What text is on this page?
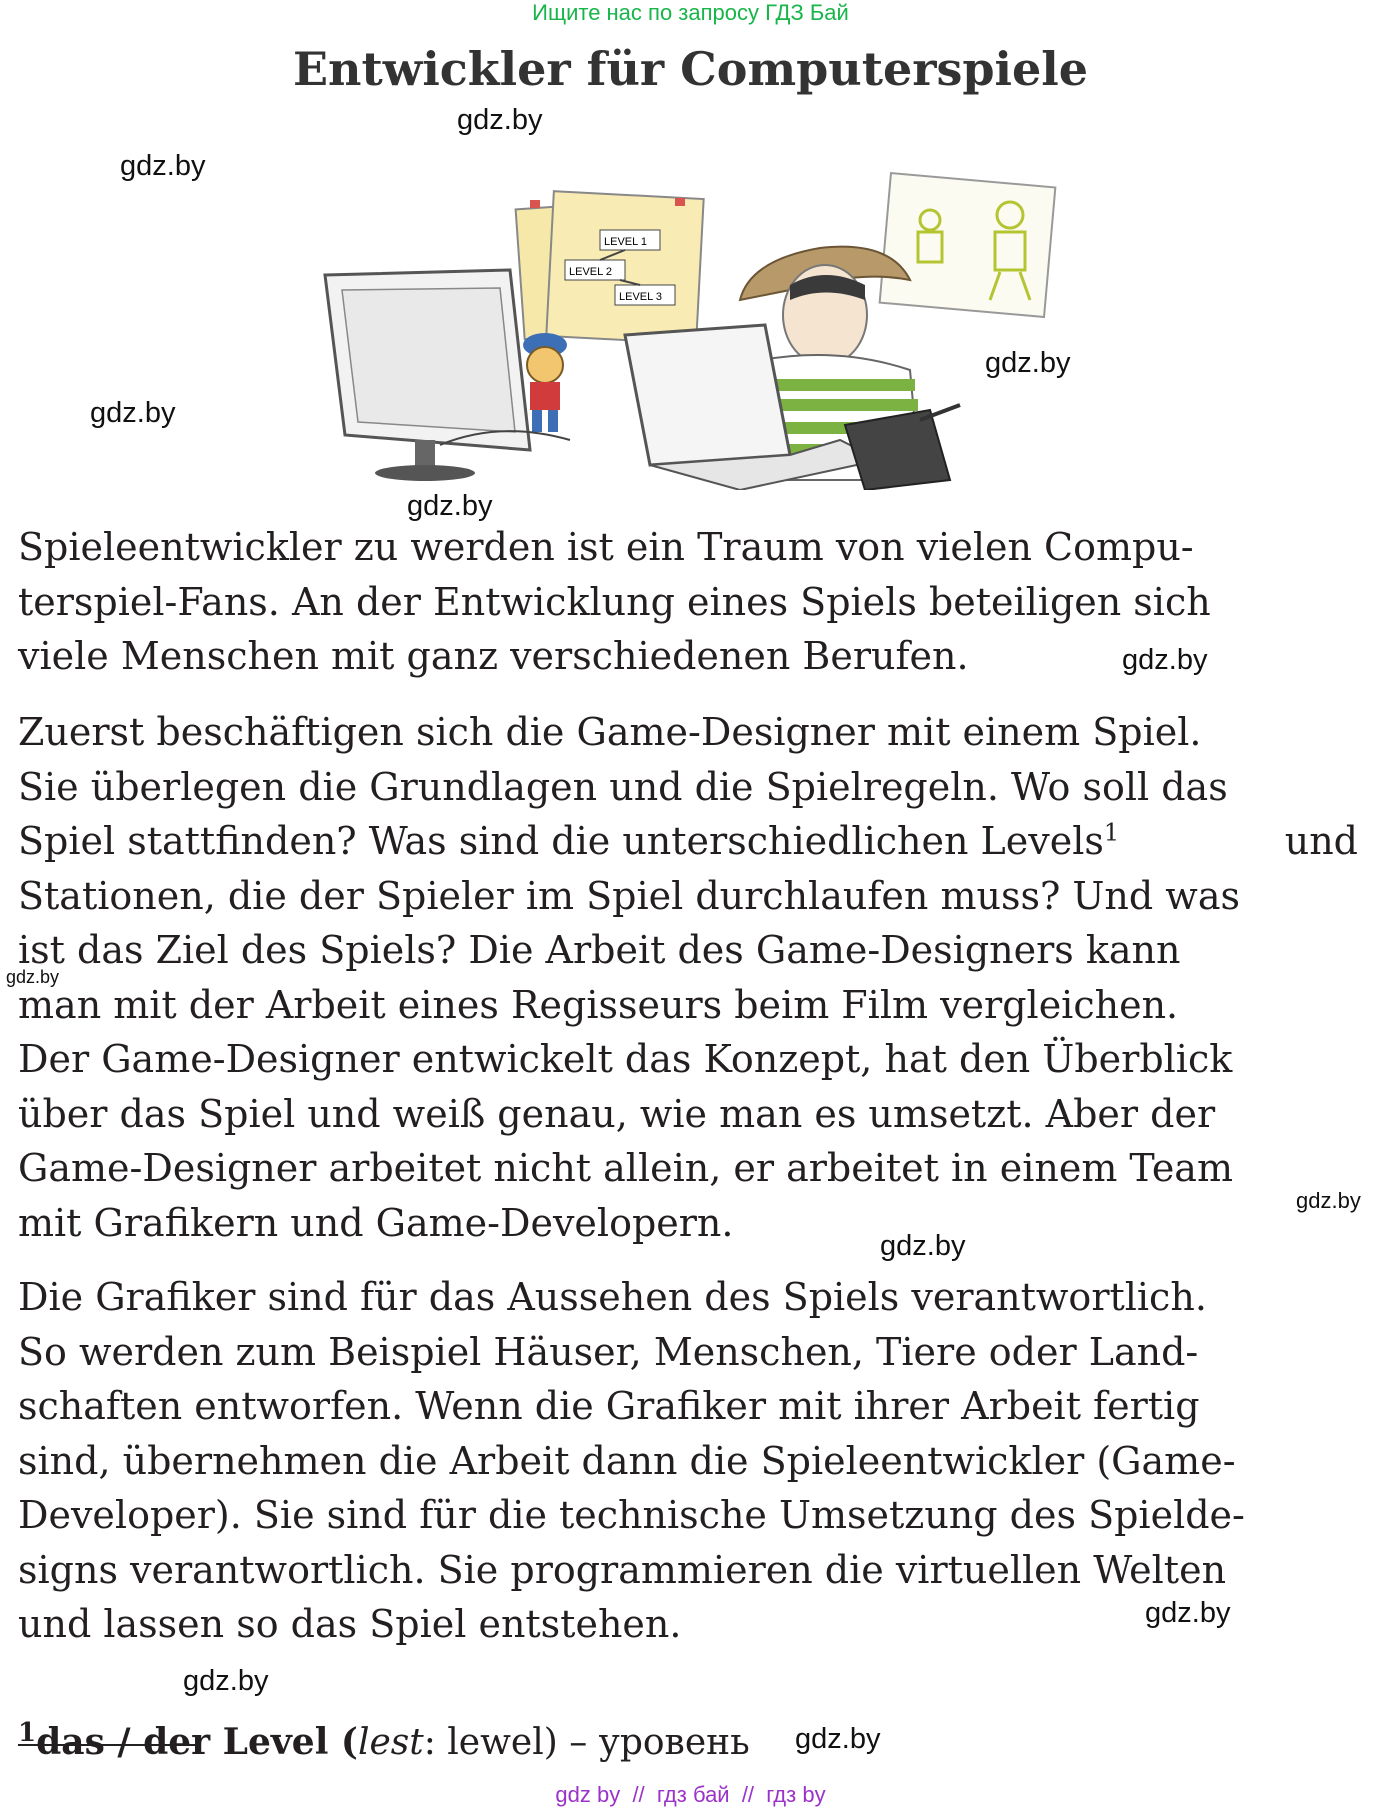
Ищите нас по запросу ГДЗ Бай
Entwickler für Computerspiele
gdz.by
gdz.by
gdz.by
gdz.by
gdz.by
gdz.by
gdz.by
gdz.by
gdz.by
gdz.by
gdz.by
gdz.by
LEVEL 1
LEVEL 2
LEVEL 3
Spieleentwickler zu werden ist ein Traum von vielen Compu-
terspiel-Fans. An der Entwicklung eines Spiels beteiligen sich
viele Menschen mit ganz verschiedenen Berufen.
Zuerst beschäftigen sich die Game-Designer mit einem Spiel.
Sie überlegen die Grundlagen und die Spielregeln. Wo soll das
Spiel stattfinden? Was sind die unterschiedlichen Levels$^1$	und
Stationen, die der Spieler im Spiel durchlaufen muss? Und was
ist das Ziel des Spiels? Die Arbeit des Game-Designers kann
man mit der Arbeit eines Regisseurs beim Film vergleichen.
Der Game-Designer entwickelt das Konzept, hat den Überblick
über das Spiel und weiß genau, wie man es umsetzt. Aber der
Game-Designer arbeitet nicht allein, er arbeitet in einem Team
mit Grafikern und Game-Developern.
Die Grafiker sind für das Aussehen des Spiels verantwortlich.
So werden zum Beispiel Häuser, Menschen, Tiere oder Land-
schaften entworfen. Wenn die Grafiker mit ihrer Arbeit fertig
sind, übernehmen die Arbeit dann die Spieleentwickler (Game-
Developer). Sie sind für die technische Umsetzung des Spielde-
signs verantwortlich. Sie programmieren die virtuellen Welten
und lassen so das Spiel entstehen.
$^1$das / der Level (lest: lewel) – уровень
gdz by  //  гдз бай  //  гдз by
